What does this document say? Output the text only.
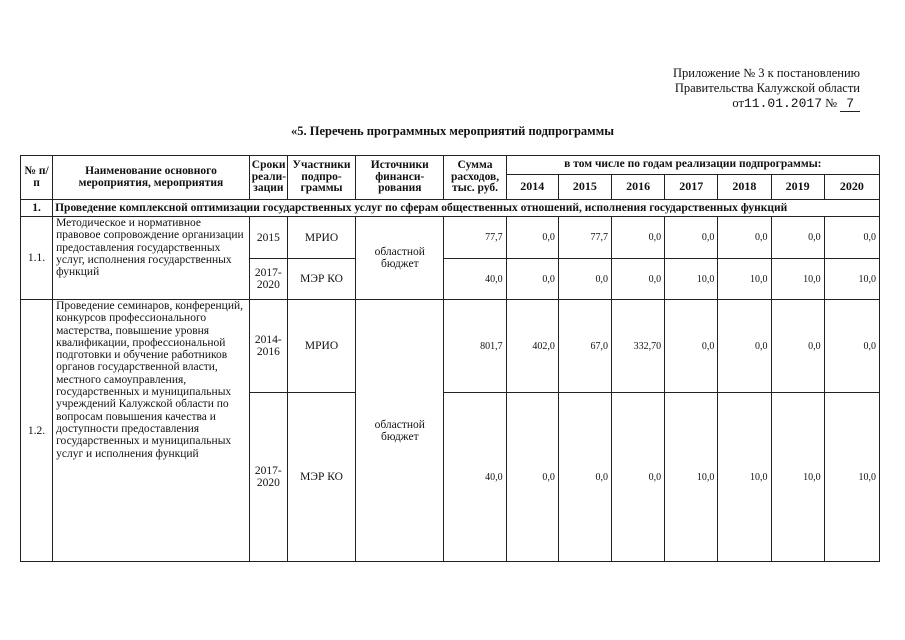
Приложение № 3 к постановлению
Правительства Калужской области
от11.01.2017 № 7
«5. Перечень программных мероприятий подпрограммы
№ п/п	Наименование основного мероприятия, мероприятия	Сроки реали-зации	Участники подпро-граммы	Источники финанси-рования	Сумма расходов, тыс. руб.	в том числе по годам реализации подпрограммы:						
						2014	2015	2016	2017	2018	2019	2020
1.	Проведение комплексной оптимизации государственных услуг по сферам общественных отношений, исполнения государственных функций											
1.1.	Методическое и нормативное правовое сопровождение организации предоставления государственных услуг, исполнения государственных функций	2015	МРИО	областной бюджет	77,7	0,0	77,7	0,0	0,0	0,0	0,0	0,0
		2017-2020	МЭР КО		40,0	0,0	0,0	0,0	10,0	10,0	10,0	10,0
1.2.	Проведение семинаров, конференций, конкурсов профессионального мастерства, повышение уровня квалификации, профессиональной подготовки и обучение работников органов государственной власти, местного самоуправления, государственных и муниципальных учреждений Калужской области по вопросам повышения качества и доступности предоставления государственных и муниципальных услуг и исполнения функций	2014-2016	МРИО	областной бюджет	801,7	402,0	67,0	332,70	0,0	0,0	0,0	0,0
		2017-2020	МЭР КО		40,0	0,0	0,0	0,0	10,0	10,0	10,0	10,0
